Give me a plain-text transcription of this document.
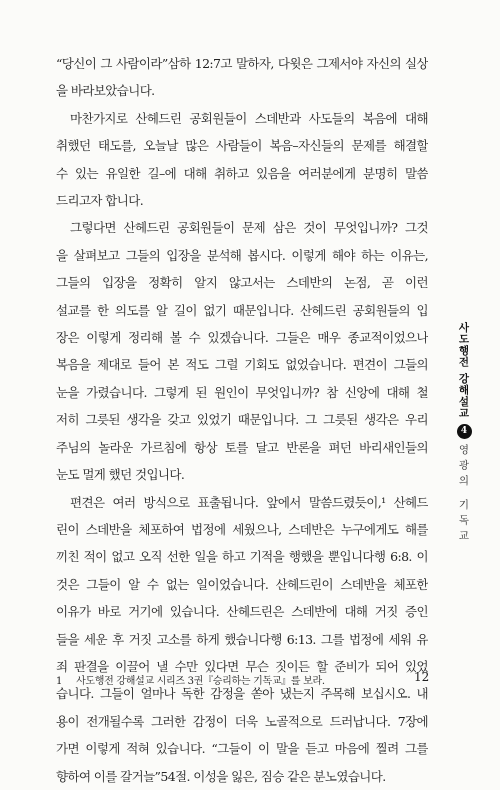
“당신이 그 사람이라”삼하 12:7고 말하자, 다윗은 그제서야 자신의 실상
을 바라보았습니다.
마찬가지로 산헤드린 공회원들이 스데반과 사도들의 복음에 대해
취했던 태도를, 오늘날 많은 사람들이 복음–자신들의 문제를 해결할
수 있는 유일한 길–에 대해 취하고 있음을 여러분에게 분명히 말씀
드리고자 합니다.
그렇다면 산헤드린 공회원들이 문제 삼은 것이 무엇입니까? 그것
을 살펴보고 그들의 입장을 분석해 봅시다. 이렇게 해야 하는 이유는,
그들의 입장을 정확히 알지 않고서는 스데반의 논점, 곧 이런
설교를 한 의도를 알 길이 없기 때문입니다. 산헤드린 공회원들의 입
장은 이렇게 정리해 볼 수 있겠습니다. 그들은 매우 종교적이었으나
복음을 제대로 들어 본 적도 그럴 기회도 없었습니다. 편견이 그들의
눈을 가렸습니다. 그렇게 된 원인이 무엇입니까? 참 신앙에 대해 철
저히 그릇된 생각을 갖고 있었기 때문입니다. 그 그릇된 생각은 우리
주님의 놀라운 가르침에 항상 토를 달고 반론을 펴던 바리새인들의
눈도 멀게 했던 것입니다.
편견은 여러 방식으로 표출됩니다. 앞에서 말씀드렸듯이,¹ 산헤드
린이 스데반을 체포하여 법정에 세웠으나, 스데반은 누구에게도 해를
끼친 적이 없고 오직 선한 일을 하고 기적을 행했을 뿐입니다행 6:8. 이
것은 그들이 알 수 없는 일이었습니다. 산헤드린이 스데반을 체포한
이유가 바로 거기에 있습니다. 산헤드린은 스데반에 대해 거짓 증인
들을 세운 후 거짓 고소를 하게 했습니다행 6:13. 그를 법정에 세워 유
죄 판결을 이끌어 낼 수만 있다면 무슨 짓이든 할 준비가 되어 있었
습니다. 그들이 얼마나 독한 감정을 쏟아 냈는지 주목해 보십시오. 내
용이 전개될수록 그러한 감정이 더욱 노골적으로 드러납니다. 7장에
가면 이렇게 적혀 있습니다. “그들이 이 말을 듣고 마음에 찔려 그를
향하여 이를 갈거늘”54절. 이성을 잃은, 짐승 같은 분노였습니다.
사도행전 강해설교
4
영광의 기독교
1 사도행전 강해설교 시리즈 3권『승리하는 기독교』를 보라.	12
